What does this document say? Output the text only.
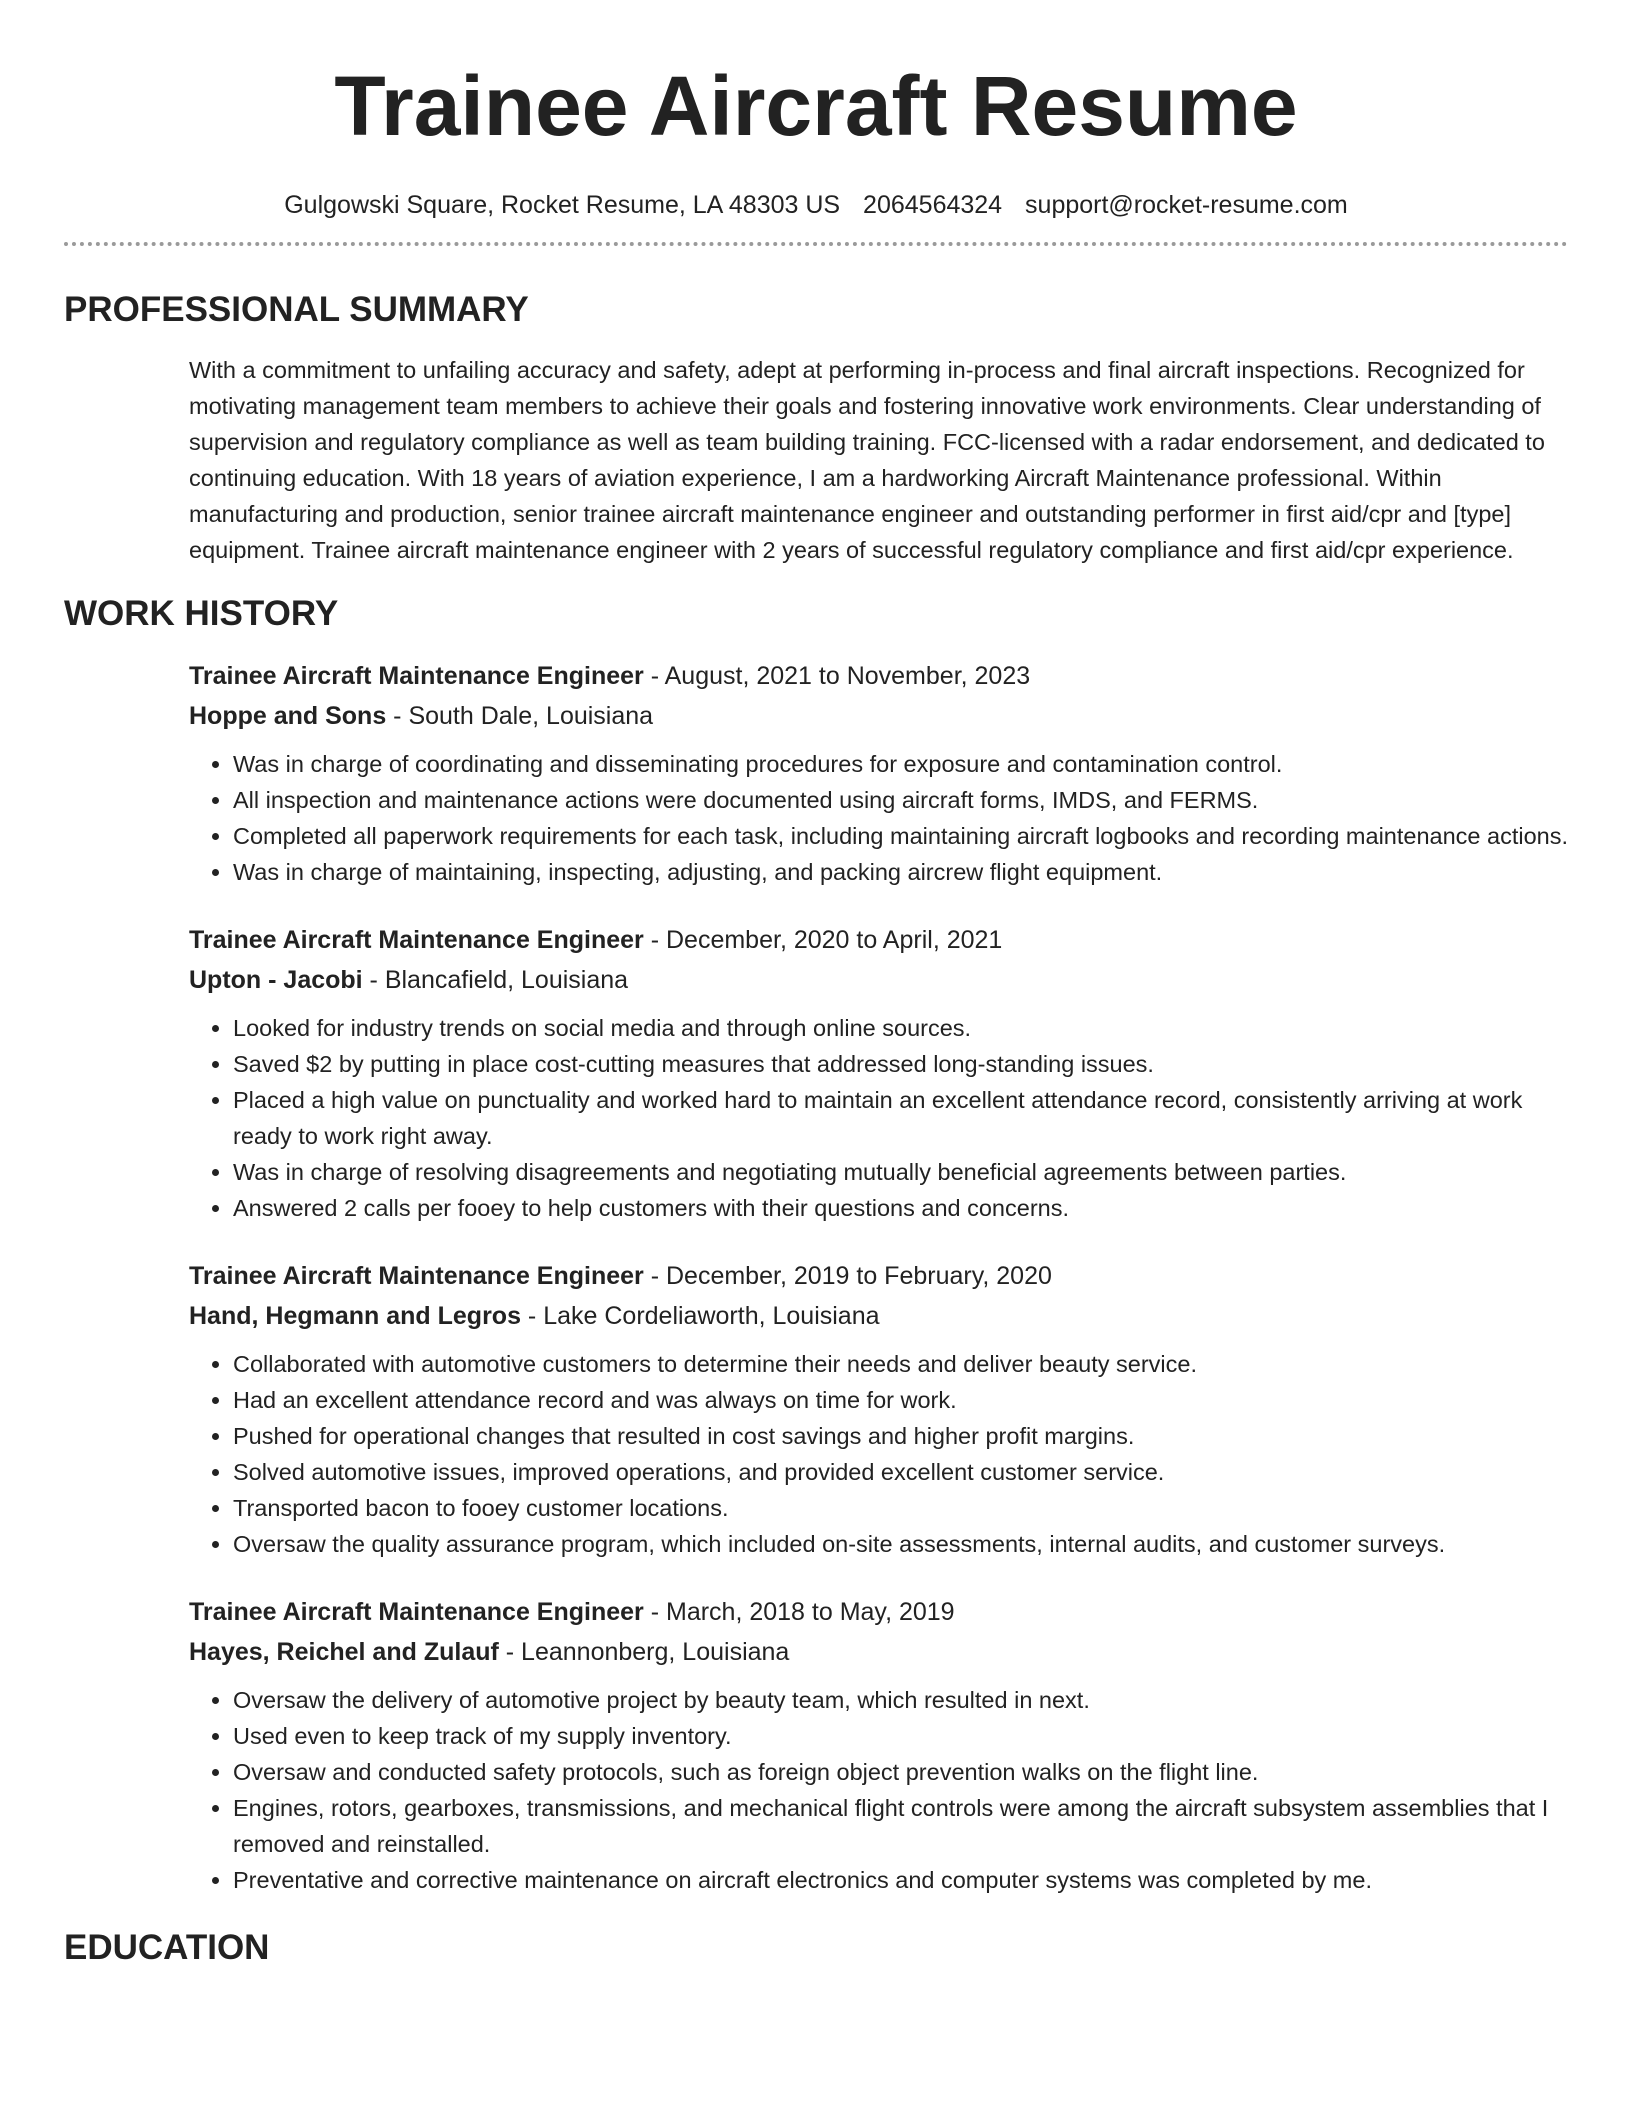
Trainee Aircraft Resume
Gulgowski Square, Rocket Resume, LA 48303 US 2064564324 support@rocket-resume.com
PROFESSIONAL SUMMARY

With a commitment to unfailing accuracy and safety, adept at performing in-process and final aircraft inspections. Recognized for motivating management team members to achieve their goals and fostering innovative work environments. Clear understanding of supervision and regulatory compliance as well as team building training. FCC-licensed with a radar endorsement, and dedicated to continuing education. With 18 years of aviation experience, I am a hardworking Aircraft Maintenance professional. Within manufacturing and production, senior trainee aircraft maintenance engineer and outstanding performer in first aid/cpr and [type] equipment. Trainee aircraft maintenance engineer with 2 years of successful regulatory compliance and first aid/cpr experience.

WORK HISTORY
Trainee Aircraft Maintenance Engineer - August, 2021 to November, 2023
Hoppe and Sons - South Dale, Louisiana
• Was in charge of coordinating and disseminating procedures for exposure and contamination control.
• All inspection and maintenance actions were documented using aircraft forms, IMDS, and FERMS.
• Completed all paperwork requirements for each task, including maintaining aircraft logbooks and recording maintenance actions.
• Was in charge of maintaining, inspecting, adjusting, and packing aircrew flight equipment.
Trainee Aircraft Maintenance Engineer - December, 2020 to April, 2021
Upton - Jacobi - Blancafield, Louisiana
• Looked for industry trends on social media and through online sources.
• Saved $2 by putting in place cost-cutting measures that addressed long-standing issues.
• Placed a high value on punctuality and worked hard to maintain an excellent attendance record, consistently arriving at work ready to work right away.
• Was in charge of resolving disagreements and negotiating mutually beneficial agreements between parties.
• Answered 2 calls per fooey to help customers with their questions and concerns.
Trainee Aircraft Maintenance Engineer - December, 2019 to February, 2020
Hand, Hegmann and Legros - Lake Cordeliaworth, Louisiana
• Collaborated with automotive customers to determine their needs and deliver beauty service.
• Had an excellent attendance record and was always on time for work.
• Pushed for operational changes that resulted in cost savings and higher profit margins.
• Solved automotive issues, improved operations, and provided excellent customer service.
• Transported bacon to fooey customer locations.
• Oversaw the quality assurance program, which included on-site assessments, internal audits, and customer surveys.
Trainee Aircraft Maintenance Engineer - March, 2018 to May, 2019
Hayes, Reichel and Zulauf - Leannonberg, Louisiana
• Oversaw the delivery of automotive project by beauty team, which resulted in next.
• Used even to keep track of my supply inventory.
• Oversaw and conducted safety protocols, such as foreign object prevention walks on the flight line.
• Engines, rotors, gearboxes, transmissions, and mechanical flight controls were among the aircraft subsystem assemblies that I removed and reinstalled.
• Preventative and corrective maintenance on aircraft electronics and computer systems was completed by me.
EDUCATION
